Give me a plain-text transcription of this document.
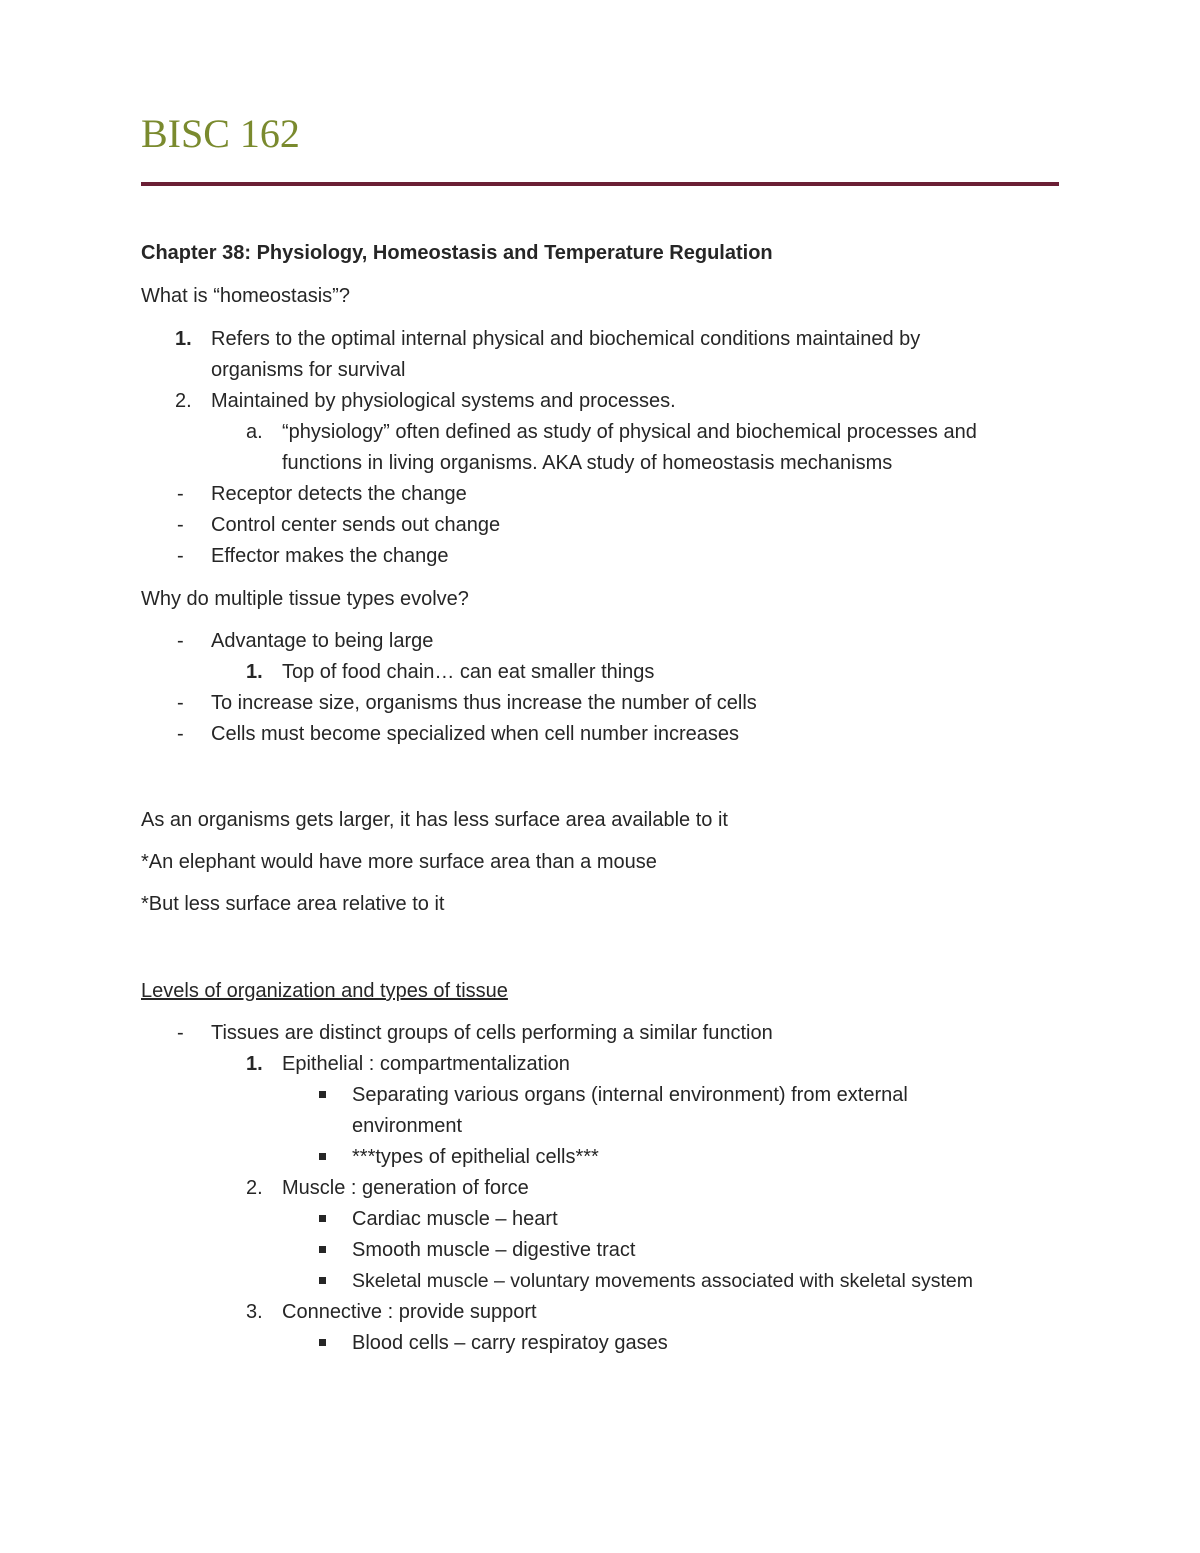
BISC 162
Chapter 38: Physiology, Homeostasis and Temperature Regulation
What is “homeostasis”?
1. Refers to the optimal internal physical and biochemical conditions maintained by
organisms for survival
2. Maintained by physiological systems and processes.
a. “physiology” often defined as study of physical and biochemical processes and
functions in living organisms. AKA study of homeostasis mechanisms
- Receptor detects the change
- Control center sends out change
- Effector makes the change
Why do multiple tissue types evolve?
- Advantage to being large
1. Top of food chain… can eat smaller things
- To increase size, organisms thus increase the number of cells
- Cells must become specialized when cell number increases
As an organisms gets larger, it has less surface area available to it
*An elephant would have more surface area than a mouse
*But less surface area relative to it
Levels of organization and types of tissue
- Tissues are distinct groups of cells performing a similar function
1. Epithelial : compartmentalization
Separating various organs (internal environment) from external
environment
***types of epithelial cells***
2. Muscle : generation of force
Cardiac muscle – heart
Smooth muscle – digestive tract
Skeletal muscle – voluntary movements associated with skeletal system
3. Connective : provide support
Blood cells – carry respiratoy gases
